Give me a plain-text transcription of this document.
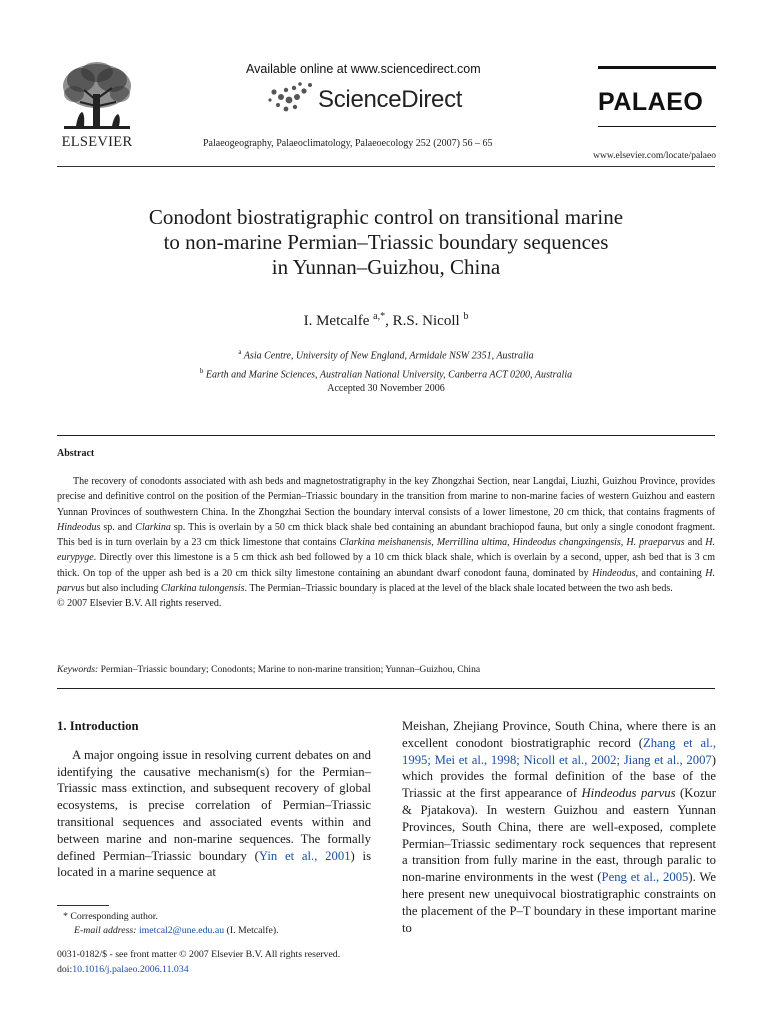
ELSEVIER
Available online at www.sciencedirect.com
ScienceDirect
Palaeogeography, Palaeoclimatology, Palaeoecology 252 (2007) 56 – 65
PALAEO
www.elsevier.com/locate/palaeo
Conodont biostratigraphic control on transitional marine
to non-marine Permian–Triassic boundary sequences
in Yunnan–Guizhou, China
I. Metcalfe $^{a,*}$, R.S. Nicoll $^b$
$^a$ Asia Centre, University of New England, Armidale NSW 2351, Australia
$^b$ Earth and Marine Sciences, Australian National University, Canberra ACT 0200, Australia
Accepted 30 November 2006
Abstract

The recovery of conodonts associated with ash beds and magnetostratigraphy in the key Zhongzhai Section, near Langdai, Liuzhi, Guizhou Province, provides precise and definitive control on the position of the Permian–Triassic boundary in the transition from marine to non-marine facies of western Guizhou and eastern Yunnan Provinces of southwestern China. In the Zhongzhai Section the boundary interval consists of a lower limestone, 20 cm thick, that contains fragments of Hindeodus sp. and Clarkina sp. This is overlain by a 50 cm thick black shale bed containing an abundant brachiopod fauna, but only a single conodont fragment. This bed is in turn overlain by a 23 cm thick limestone that contains Clarkina meishanensis, Merrillina ultima, Hindeodus changxingensis, H. praeparvus and H. eurypyge. Directly over this limestone is a 5 cm thick ash bed followed by a 10 cm thick black shale, which is overlain by a second, upper, ash bed that is 3 cm thick. On top of the upper ash bed is a 20 cm thick silty limestone containing an abundant dwarf conodont fauna, dominated by Hindeodus, and containing H. parvus but also including Clarkina tulongensis. The Permian–Triassic boundary is placed at the level of the black shale located between the two ash beds.

© 2007 Elsevier B.V. All rights reserved.

Keywords: Permian–Triassic boundary; Conodonts; Marine to non-marine transition; Yunnan–Guizhou, China
1. Introduction

A major ongoing issue in resolving current debates on and identifying the causative mechanism(s) for the Permian–Triassic mass extinction, and subsequent recovery of global ecosystems, is precise correlation of Permian–Triassic transitional sequences and associated events within and between marine and non-marine sequences. The formally defined Permian–Triassic boundary (Yin et al., 2001) is located in a marine sequence at

Meishan, Zhejiang Province, South China, where there is an excellent conodont biostratigraphic record (Zhang et al., 1995; Mei et al., 1998; Nicoll et al., 2002; Jiang et al., 2007) which provides the formal definition of the base of the Triassic at the first appearance of Hindeodus parvus (Kozur & Pjatakova). In western Guizhou and eastern Yunnan Provinces, South China, there are well-exposed, complete Permian–Triassic sedimentary rock sequences that represent a transition from fully marine in the east, through paralic to non-marine environments in the west (Peng et al., 2005). We here present new unequivocal biostratigraphic constraints on the placement of the P–T boundary in these important marine to

* Corresponding author.
E-mail address: imetcal2@une.edu.au (I. Metcalfe).
0031-0182/$ - see front matter © 2007 Elsevier B.V. All rights reserved.
doi:10.1016/j.palaeo.2006.11.034
